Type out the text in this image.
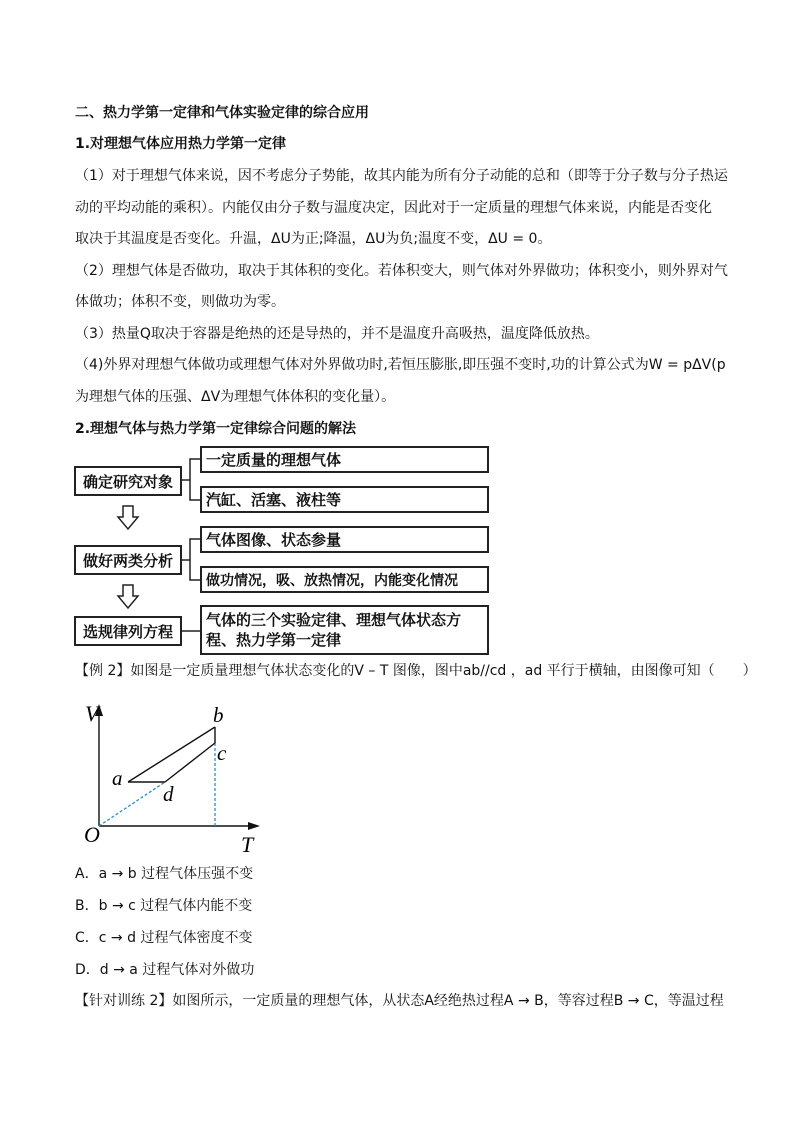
二、热力学第一定律和气体实验定律的综合应用
1.对理想气体应用热力学第一定律
（1）对于理想气体来说，因不考虑分子势能，故其内能为所有分子动能的总和（即等于分子数与分子热运
动的平均动能的乘积）。内能仅由分子数与温度决定，因此对于一定质量的理想气体来说，内能是否变化
取决于其温度是否变化。升温，ΔU为正;降温，ΔU为负;温度不变，ΔU = 0。
（2）理想气体是否做功，取决于其体积的变化。若体积变大，则气体对外界做功；体积变小，则外界对气
体做功；体积不变，则做功为零。
（3）热量Q取决于容器是绝热的还是导热的，并不是温度升高吸热，温度降低放热。
（4)外界对理想气体做功或理想气体对外界做功时,若恒压膨胀,即压强不变时,功的计算公式为W = pΔV(p
为理想气体的压强、ΔV为理想气体体积的变化量）。
2.理想气体与热力学第一定律综合问题的解法
确定研究对象
一定质量的理想气体
汽缸、活塞、液柱等
做好两类分析
气体图像、状态参量
做功情况，吸、放热情况，内能变化情况
选规律列方程
气体的三个实验定律、理想气体状态方程、热力学第一定律
【例 2】如图是一定质量理想气体状态变化的V – T 图像，图中ab//cd ，ad 平行于横轴，由图像可知（　　）
V
T
O
a
b
c
d
A．a → b 过程气体压强不变
B．b → c 过程气体内能不变
C．c → d 过程气体密度不变
D．d → a 过程气体对外做功
【针对训练 2】如图所示，一定质量的理想气体，从状态A经绝热过程A → B，等容过程B → C，等温过程
